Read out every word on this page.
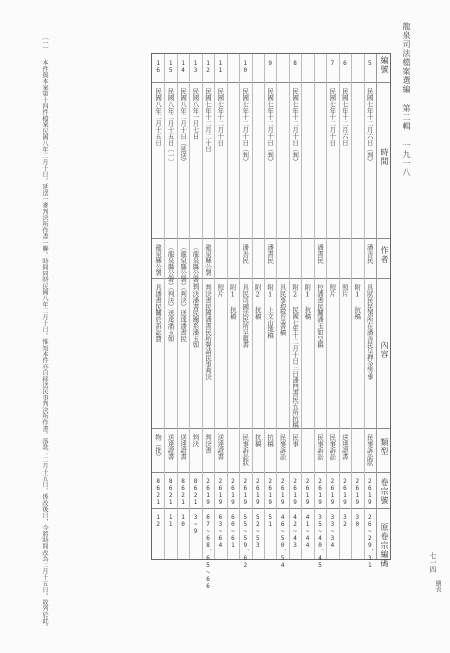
龍泉司法檔案選編 第二輯 一九一八
七一四
續表
編號
時間
作者
內容
類型
卷宗號
原卷宗編碼
5
民國七年十二月六日（判）
潘善民
具狀民民領所在潘善民呈押金等事
民事訴訟狀
2619
26~29、31
附1 抗稿
2619
30
6
民國七年十二月六日
照片
送達證書
2619
32
7
民國七年十二月十日
照片
民事訴訟
2619
33~34
潘書民
控潘書民關潘玉如呈稿
民事訴訟
2619
35~40、45
附1 抗稿
2619
41~44
8
民國七年十二月十日（判）
附2 民國七年十二月十日三日潘門書民五所抗稿
民事
2619
42~43
具民事提察呈書稿
民事訴訟
2619
46~50、54
9
民國七年十二月十日（判）
潘書民
附1 上文山地稿
抗稿
2619
51
附2 抗稿
抗稿
2619
52~53
10
民國七年十二月十日（判）
潘善民
具民司國法民所呈報書
民事訴訟狀
2619
55~59、62
附1 抗稿
2619
60~61
11
民國七年十二月十日
照片
送達證書
2619
63~64
12
民國七年十二月二十日
龍泉縣公署
判決書民國潘書民所聲請民事判決
判決書
2619
67~68、65~66
13
民國八年一月七日
（龍泉縣公署）
判決潘書民關系潘玉如
判決
8621
3~9
14
民國八年二月十日（延送）
（龍泉縣公署）
（判決）送達潘書民
送達證書
8621
10
15
民國八年二月十五日〔一〕
（龍泉縣公署）
（判決）送達潘玉如
送達證書
8621
11
16
民國八年二月十五日
龍泉縣公署
具潘書民關於訴訟費
物（批）
8621
12
〔一〕 本件與本案第十四件檔案民國八年二月十日。延送一審判決所作書一聯。時間同時民國八年二月十日。惟知本件亦自移送民事判決所作書。落款：二月十五日。係改後日，今將時間改為二月十五日。故列於此。
